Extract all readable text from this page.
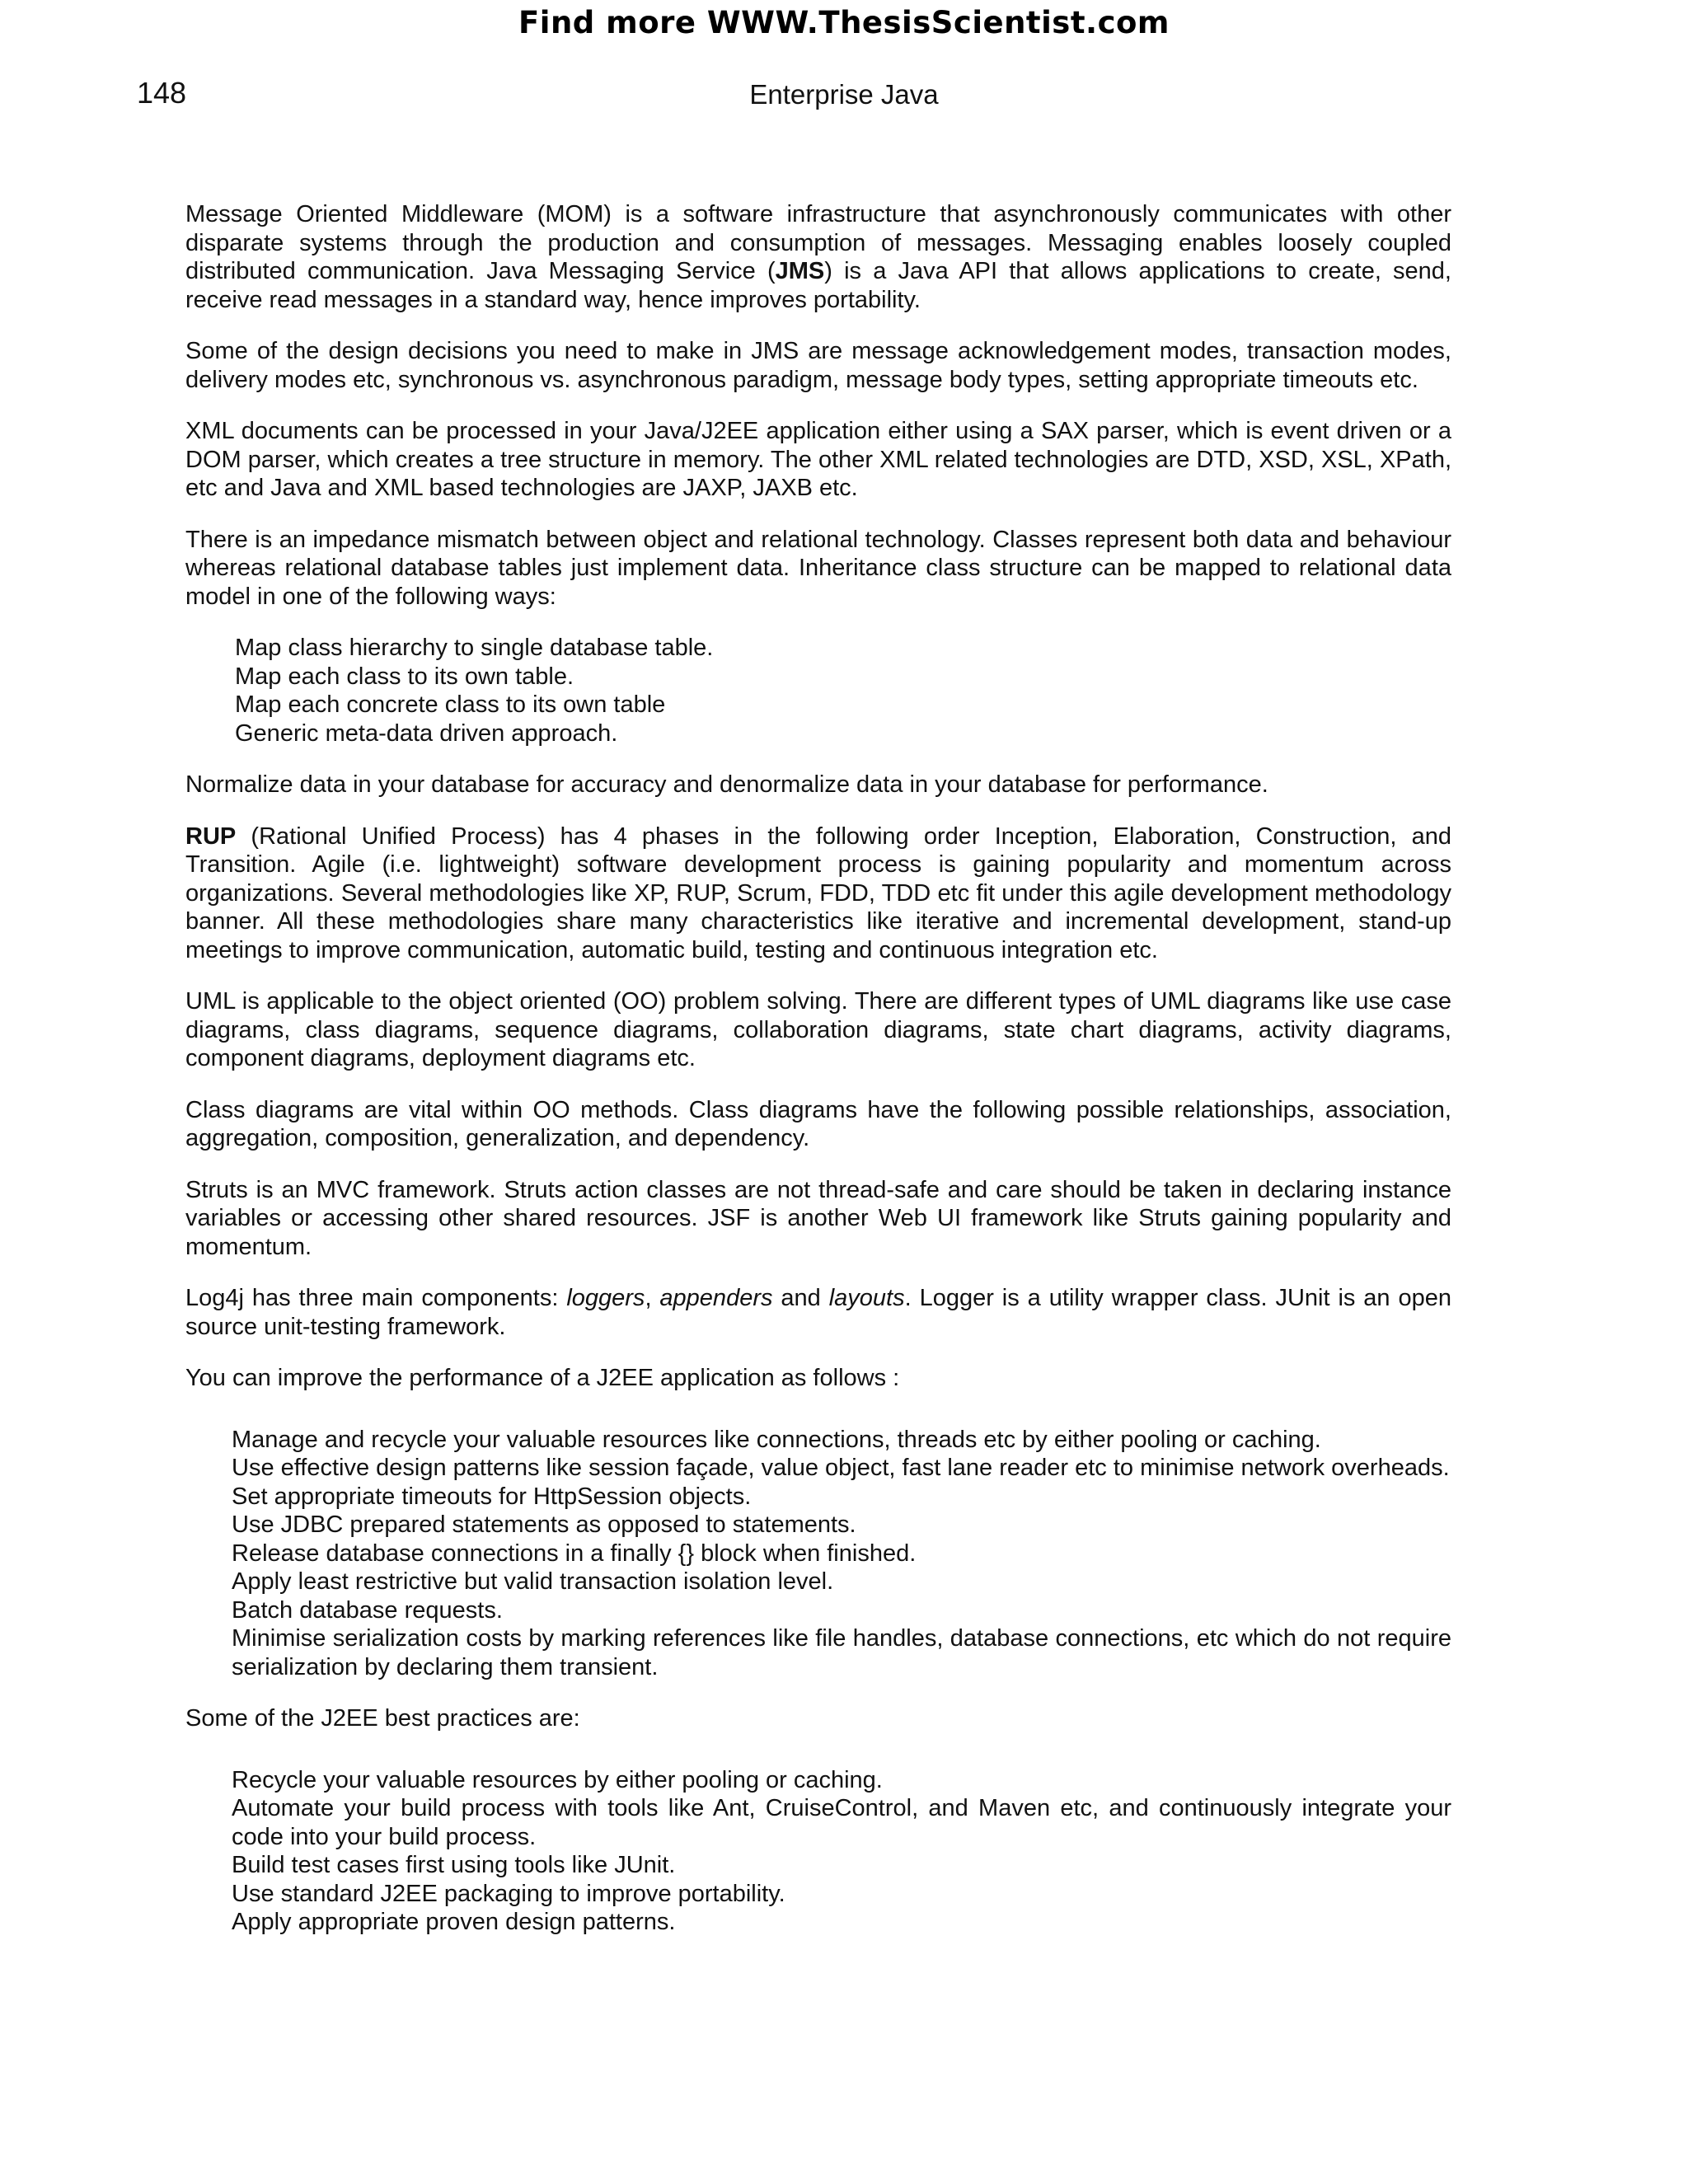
Find more WWW.ThesisScientist.com
148	Enterprise Java

Message Oriented Middleware (MOM) is a software infrastructure that asynchronously communicates with other disparate systems through the production and consumption of messages. Messaging enables loosely coupled distributed communication. Java Messaging Service (JMS) is a Java API that allows applications to create, send, receive read messages in a standard way, hence improves portability.

Some of the design decisions you need to make in JMS are message acknowledgement modes, transaction modes, delivery modes etc, synchronous vs. asynchronous paradigm, message body types, setting appropriate timeouts etc.

XML documents can be processed in your Java/J2EE application either using a SAX parser, which is event driven or a DOM parser, which creates a tree structure in memory. The other XML related technologies are DTD, XSD, XSL, XPath, etc and Java and XML based technologies are JAXP, JAXB etc.

There is an impedance mismatch between object and relational technology. Classes represent both data and behaviour whereas relational database tables just implement data. Inheritance class structure can be mapped to relational data model in one of the following ways:

Map class hierarchy to single database table.
Map each class to its own table.
Map each concrete class to its own table
Generic meta-data driven approach.

Normalize data in your database for accuracy and denormalize data in your database for performance.

RUP (Rational Unified Process) has 4 phases in the following order Inception, Elaboration, Construction, and Transition. Agile (i.e. lightweight) software development process is gaining popularity and momentum across organizations. Several methodologies like XP, RUP, Scrum, FDD, TDD etc fit under this agile development methodology banner. All these methodologies share many characteristics like iterative and incremental development, stand-up meetings to improve communication, automatic build, testing and continuous integration etc.

UML is applicable to the object oriented (OO) problem solving. There are different types of UML diagrams like use case diagrams, class diagrams, sequence diagrams, collaboration diagrams, state chart diagrams, activity diagrams, component diagrams, deployment diagrams etc.

Class diagrams are vital within OO methods. Class diagrams have the following possible relationships, association, aggregation, composition, generalization, and dependency.

Struts is an MVC framework. Struts action classes are not thread-safe and care should be taken in declaring instance variables or accessing other shared resources. JSF is another Web UI framework like Struts gaining popularity and momentum.

Log4j has three main components: loggers, appenders and layouts. Logger is a utility wrapper class. JUnit is an open source unit-testing framework.

You can improve the performance of a J2EE application as follows :

Manage and recycle your valuable resources like connections, threads etc by either pooling or caching.
Use effective design patterns like session façade, value object, fast lane reader etc to minimise network overheads.
Set appropriate timeouts for HttpSession objects.
Use JDBC prepared statements as opposed to statements.
Release database connections in a finally {} block when finished.
Apply least restrictive but valid transaction isolation level.
Batch database requests.
Minimise serialization costs by marking references like file handles, database connections, etc which do not require serialization by declaring them transient.

Some of the J2EE best practices are:

Recycle your valuable resources by either pooling or caching.
Automate your build process with tools like Ant, CruiseControl, and Maven etc, and continuously integrate your code into your build process.
Build test cases first using tools like JUnit.
Use standard J2EE packaging to improve portability.
Apply appropriate proven design patterns.
